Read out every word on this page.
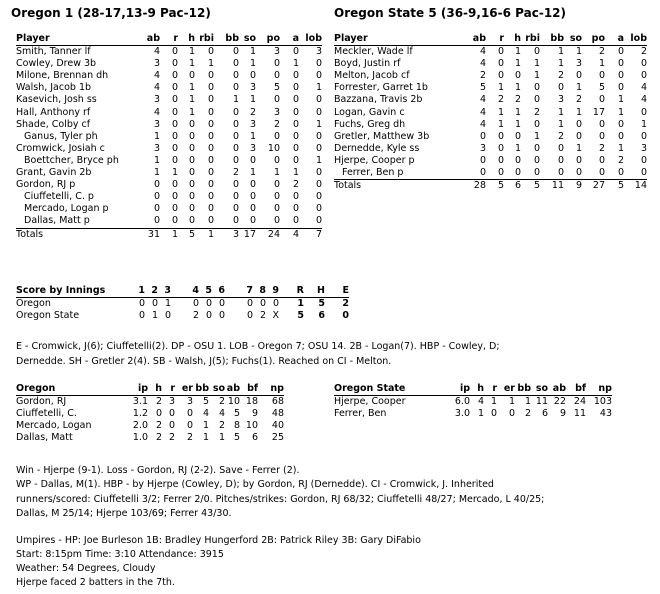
Oregon 1 (28-17,13-9 Pac-12)
Player	ab	r	h	rbi	bb	so	po	a	lob
Smith, Tanner lf	4	0	1	0	0	1	3	0	3
Cowley, Drew 3b	3	0	1	1	0	1	0	1	0
Milone, Brennan dh	4	0	0	0	0	0	0	0	0
Walsh, Jacob 1b	4	0	1	0	0	3	5	0	1
Kasevich, Josh ss	3	0	1	0	1	1	0	0	0
Hall, Anthony rf	4	0	1	0	0	2	3	0	0
Shade, Colby cf	3	0	0	0	0	3	2	0	1
Ganus, Tyler ph	1	0	0	0	0	1	0	0	0
Cromwick, Josiah c	3	0	0	0	0	3	10	0	0
Boettcher, Bryce ph	1	0	0	0	0	0	0	0	1
Grant, Gavin 2b	1	1	0	0	2	1	1	1	0
Gordon, RJ p	0	0	0	0	0	0	0	2	0
Ciuffetelli, C. p	0	0	0	0	0	0	0	0	0
Mercado, Logan p	0	0	0	0	0	0	0	0	0
Dallas, Matt p	0	0	0	0	0	0	0	0	0
Totals	31	1	5	1	3	17	24	4	7
Oregon State 5 (36-9,16-6 Pac-12)
Player	ab	r	h	rbi	bb	so	po	a	lob
Meckler, Wade lf	4	0	1	0	1	1	2	0	2
Boyd, Justin rf	4	0	1	1	1	3	1	0	0
Melton, Jacob cf	2	0	0	1	2	0	0	0	0
Forrester, Garret 1b	5	1	1	0	0	1	5	0	4
Bazzana, Travis 2b	4	2	2	0	3	2	0	1	4
Logan, Gavin c	4	1	1	2	1	1	17	1	0
Fuchs, Greg dh	4	1	1	0	1	0	0	0	1
Gretler, Matthew 3b	0	0	0	1	2	0	0	0	0
Dernedde, Kyle ss	3	0	1	0	0	1	2	1	3
Hjerpe, Cooper p	0	0	0	0	0	0	0	2	0
Ferrer, Ben p	0	0	0	0	0	0	0	0	0
Totals	28	5	6	5	11	9	27	5	14
Score by Innings	1	2	3	4	5	6	7	8	9	R	H	E
Oregon	0	0	1	0	0	0	0	0	0	1	5	2
Oregon State	0	1	0	2	0	0	0	2	X	5	6	0
E - Cromwick, J(6); Ciuffetelli(2). DP - OSU 1. LOB - Oregon 7; OSU 14. 2B - Logan(7). HBP - Cowley, D; Dernedde. SH - Gretler 2(4). SB - Walsh, J(5); Fuchs(1). Reached on CI - Melton.
Oregon	ip	h	r	er	bb	so	ab	bf	np
Gordon, RJ	3.1	2	3	3	5	2	10	18	68
Ciuffetelli, C.	1.2	0	0	0	4	4	5	9	48
Mercado, Logan	2.0	2	0	0	1	2	8	10	40
Dallas, Matt	1.0	2	2	2	1	1	5	6	25
Oregon State	ip	h	r	er	bb	so	ab	bf	np
Hjerpe, Cooper	6.0	4	1	1	1	11	22	24	103
Ferrer, Ben	3.0	1	0	0	2	6	9	11	43
Win - Hjerpe (9-1). Loss - Gordon, RJ (2-2). Save - Ferrer (2).
WP - Dallas, M(1). HBP - by Hjerpe (Cowley, D); by Gordon, RJ (Dernedde). CI - Cromwick, J. Inherited runners/scored: Ciuffetelli 3/2; Ferrer 2/0. Pitches/strikes: Gordon, RJ 68/32; Ciuffetelli 48/27; Mercado, L 40/25; Dallas, M 25/14; Hjerpe 103/69; Ferrer 43/30.
Umpires - HP: Joe Burleson 1B: Bradley Hungerford 2B: Patrick Riley 3B: Gary DiFabio
Start: 8:15pm Time: 3:10 Attendance: 3915
Weather: 54 Degrees, Cloudy
Hjerpe faced 2 batters in the 7th.
